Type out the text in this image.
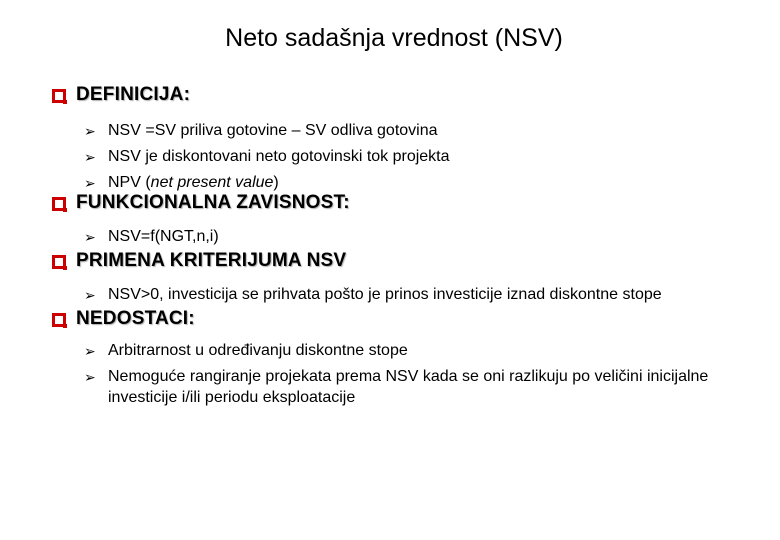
Neto sadašnja vrednost (NSV)
DEFINICIJA:
➢ NSV =SV priliva gotovine – SV odliva gotovina
➢ NSV je diskontovani neto gotovinski tok projekta
➢ NPV (net present value)
FUNKCIONALNA ZAVISNOST:
➢ NSV=f(NGT,n,i)
PRIMENA KRITERIJUMA NSV
➢ NSV>0, investicija se prihvata pošto je prinos investicije iznad diskontne stope
NEDOSTACI:
➢ Arbitrarnost u određivanju diskontne stope
➢ Nemoguće rangiranje projekata prema NSV kada se oni razlikuju po veličini inicijalne investicije i/ili periodu eksploatacije
